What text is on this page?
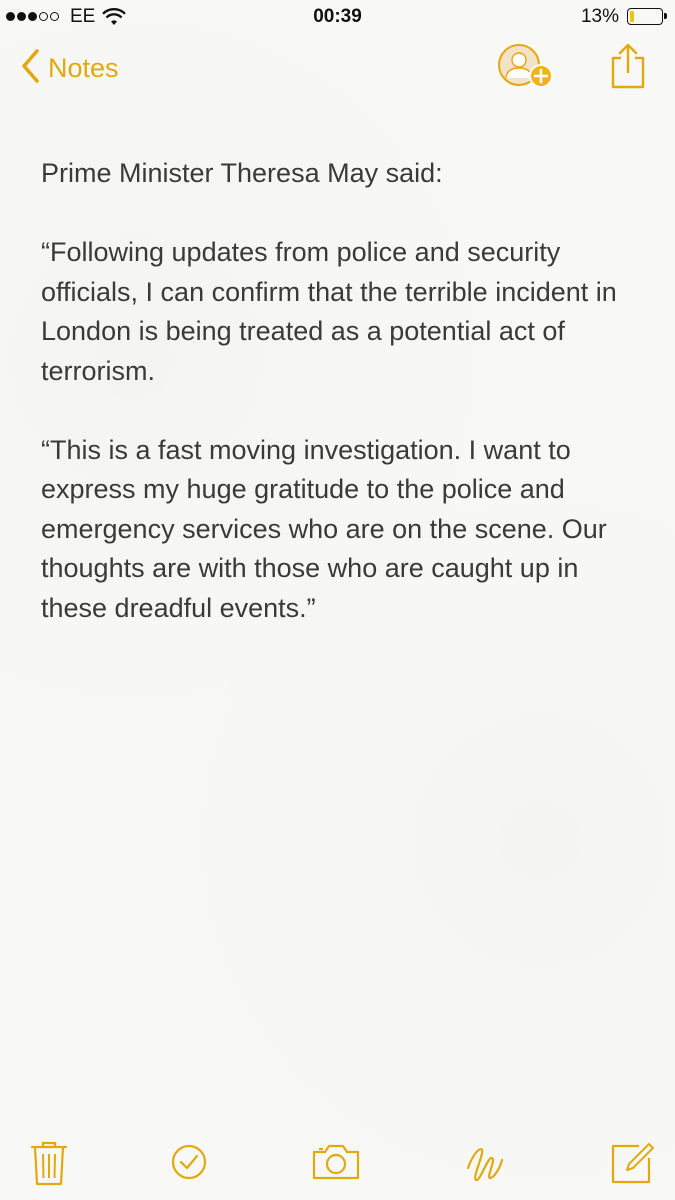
EE	00:39	13%
Notes

Prime Minister Theresa May said:

“Following updates from police and security officials, I can confirm that the terrible incident in London is being treated as a potential act of terrorism.

“This is a fast moving investigation. I want to express my huge gratitude to the police and emergency services who are on the scene. Our thoughts are with those who are caught up in these dreadful events.”
